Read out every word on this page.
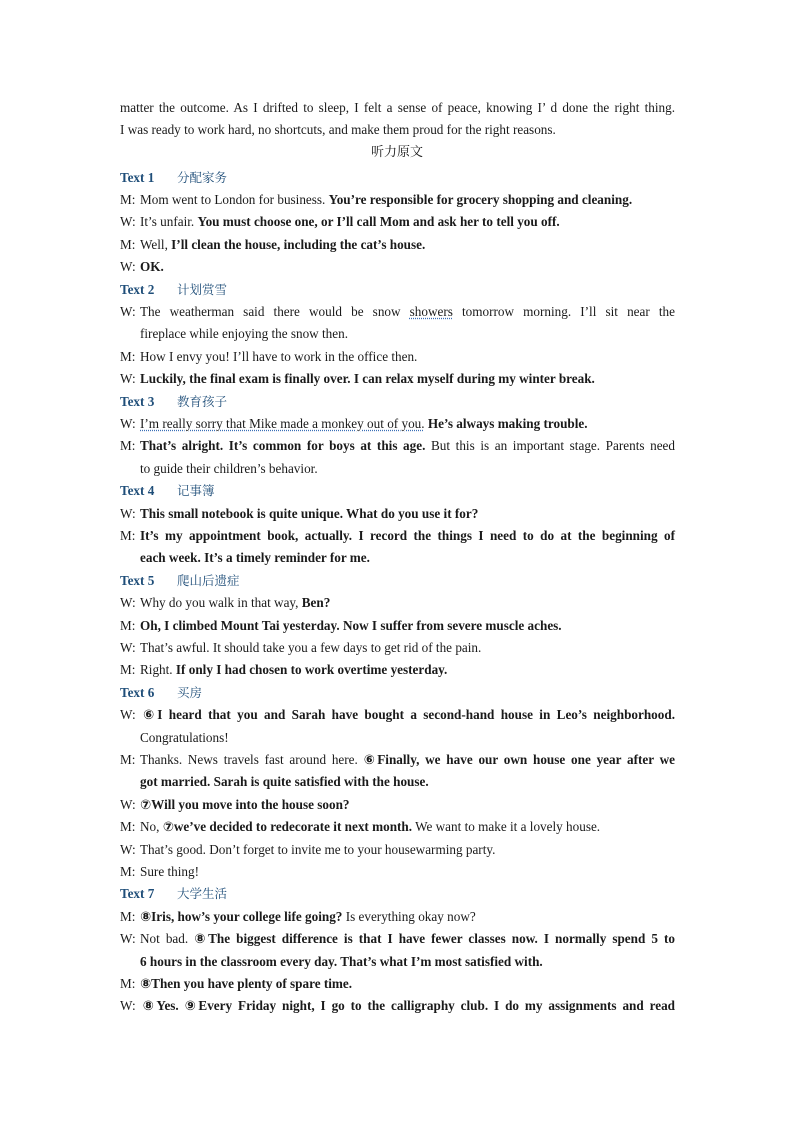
matter the outcome. As I drifted to sleep, I felt a sense of peace, knowing I’ d done the right thing.
I was ready to work hard, no shortcuts, and make them proud for the right reasons.
听力原文
Text 1 分配家务
M: Mom went to London for business. You’re responsible for grocery shopping and cleaning.
W: It’s unfair. You must choose one, or I’ll call Mom and ask her to tell you off.
M: Well, I’ll clean the house, including the cat’s house.
W: OK.
Text 2 计划赏雪
W: The weatherman said there would be snow showers tomorrow morning. I’ll sit near the
fireplace while enjoying the snow then.
M: How I envy you! I’ll have to work in the office then.
W: Luckily, the final exam is finally over. I can relax myself during my winter break.
Text 3 教育孩子
W: I’m really sorry that Mike made a monkey out of you. He’s always making trouble.
M: That’s alright. It’s common for boys at this age. But this is an important stage. Parents need
to guide their children’s behavior.
Text 4 记事簿
W: This small notebook is quite unique. What do you use it for?
M: It’s my appointment book, actually. I record the things I need to do at the beginning of
each week. It’s a timely reminder for me.
Text 5 爬山后遗症
W: Why do you walk in that way, Ben?
M: Oh, I climbed Mount Tai yesterday. Now I suffer from severe muscle aches.
W: That’s awful. It should take you a few days to get rid of the pain.
M: Right. If only I had chosen to work overtime yesterday.
Text 6 买房
W: ⑥I heard that you and Sarah have bought a second-hand house in Leo’s neighborhood.
Congratulations!
M: Thanks. News travels fast around here. ⑥Finally, we have our own house one year after we
got married. Sarah is quite satisfied with the house.
W: ⑦Will you move into the house soon?
M: No, ⑦we’ve decided to redecorate it next month. We want to make it a lovely house.
W: That’s good. Don’t forget to invite me to your housewarming party.
M: Sure thing!
Text 7 大学生活
M: ⑧Iris, how’s your college life going? Is everything okay now?
W: Not bad. ⑧The biggest difference is that I have fewer classes now. I normally spend 5 to
6 hours in the classroom every day. That’s what I’m most satisfied with.
M: ⑧Then you have plenty of spare time.
W: ⑧Yes. ⑨Every Friday night, I go to the calligraphy club. I do my assignments and read
